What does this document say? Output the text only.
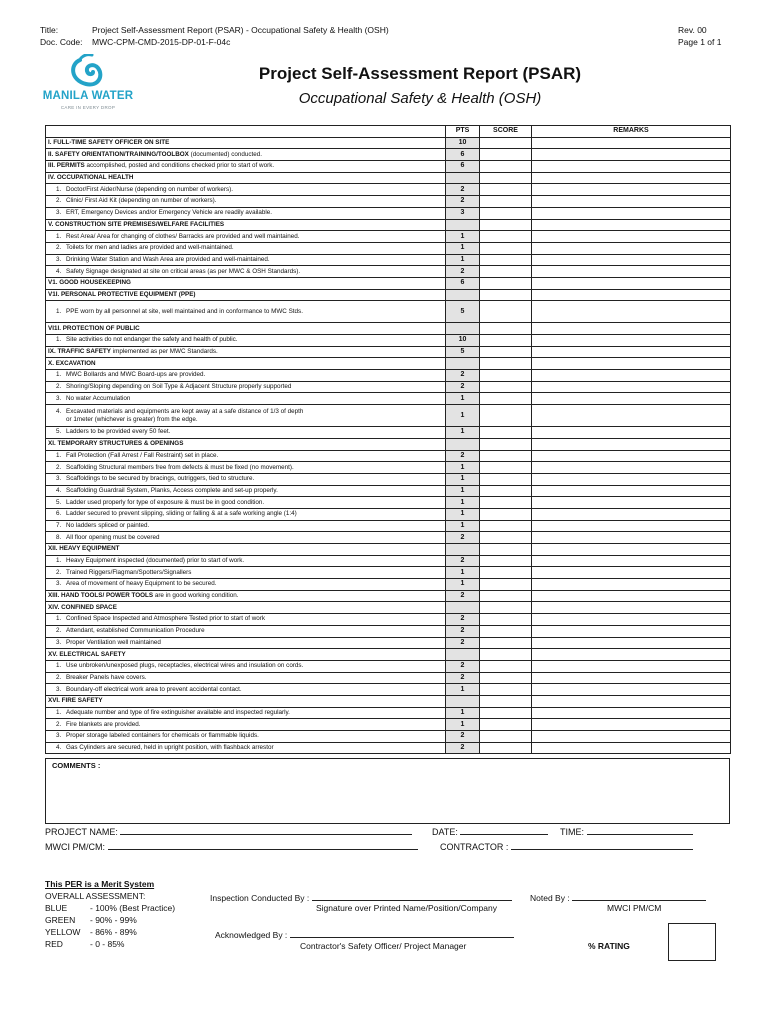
Title:	Project Self-Assessment Report (PSAR) - Occupational Safety & Health (OSH)
Doc. Code: MWC-CPM-CMD-2015-DP-01-F-04c
Rev. 00
Page 1 of 1
MANILA WATER
CARE IN EVERY DROP
Project Self-Assessment Report (PSAR)
Occupational Safety & Health (OSH)
	PTS	SCORE	REMARKS
I. FULL-TIME SAFETY OFFICER ON SITE	10		
II. SAFETY ORIENTATION/TRAINING/TOOLBOX (documented) conducted.	6		
III. PERMITS accomplished, posted and conditions checked prior to start of work.	6		
IV. OCCUPATIONAL HEALTH			
1. Doctor/First Aider/Nurse (depending on number of workers).	2		
2. Clinic/ First Aid Kit (depending on number of workers).	2		
3. ERT, Emergency Devices and/or Emergency Vehicle are readily available.	3		
V. CONSTRUCTION SITE PREMISES/WELFARE FACILITIES			
1. Rest Area/ Area for changing of clothes/ Barracks are provided and well maintained.	1		
2. Toilets for men and ladies are provided and well-maintained.	1		
3. Drinking Water Station and Wash Area are provided and well-maintained.	1		
4. Safety Signage designated at site on critical areas (as per MWC & OSH Standards).	2		
V1. GOOD HOUSEKEEPING	6		
V1I. PERSONAL PROTECTIVE EQUIPMENT (PPE)			
1. PPE worn by all personnel at site, well maintained and in conformance to MWC Stds.	5		
VI1I. PROTECTION OF PUBLIC			
1. Site activities do not endanger the safety and health of public.	10		
IX. TRAFFIC SAFETY implemented as per MWC Standards.	5		
X. EXCAVATION			
1. MWC Bollards and MWC Board-ups are provided.	2		
2. Shoring/Sloping depending on Soil Type & Adjacent Structure properly supported	2		
3. No water Accumulation	1		
4. Excavated materials and equipments are kept away at a safe distance of 1/3 of depth
or 1meter (whichever is greater) from the edge.	1		
5. Ladders to be provided every 50 feet.	1		
XI. TEMPORARY STRUCTURES & OPENINGS			
1. Fall Protection (Fall Arrest / Fall Restraint) set in place.	2		
2. Scaffolding Structural members free from defects & must be fixed (no movement).	1		
3. Scaffoldings to be secured by bracings, outriggers, tied to structure.	1		
4. Scaffolding Guardrail System, Planks, Access complete and set-up properly.	1		
5. Ladder used properly for type of exposure & must be in good condition.	1		
6. Ladder secured to prevent slipping, sliding or falling & at a safe working angle (1:4)	1		
7. No ladders spliced or painted.	1		
8. All floor opening must be covered	2		
XII. HEAVY EQUIPMENT			
1. Heavy Equipment inspected (documented) prior to start of work.	2		
2. Trained Riggers/Flagman/Spotters/Signallers	1		
3. Area of movement of heavy Equipment to be secured.	1		
XIII. HAND TOOLS/ POWER TOOLS are in good working condition.	2		
XIV. CONFINED SPACE			
1. Confined Space Inspected and Atmosphere Tested prior to start of work	2		
2. Attendant, established Communication Procedure	2		
3. Proper Ventilation well maintained	2		
XV. ELECTRICAL SAFETY			
1. Use unbroken/unexposed plugs, receptacles, electrical wires and insulation on cords.	2		
2. Breaker Panels have covers.	2		
3. Boundary-off electrical work area to prevent accidental contact.	1		
XVI. FIRE SAFETY			
1. Adequate number and type of fire extinguisher available and inspected regularly.	1		
2. Fire blankets are provided.	1		
3. Proper storage labeled containers for chemicals or flammable liquids.	2		
4. Gas Cylinders are secured, held in upright position, with flashback arrestor	2		
COMMENTS :
PROJECT NAME:	DATE:	TIME:
MWCI PM/CM:	CONTRACTOR :
This PER is a Merit System
OVERALL ASSESSMENT:
BLUE	- 100% (Best Practice)
GREEN - 90% - 99%
YELLOW - 86% - 89%
RED	- 0 - 85%
Inspection Conducted By :	Noted By :
Signature over Printed Name/Position/Company	MWCI PM/CM
Acknowledged By :
Contractor's Safety Officer/ Project Manager	% RATING
